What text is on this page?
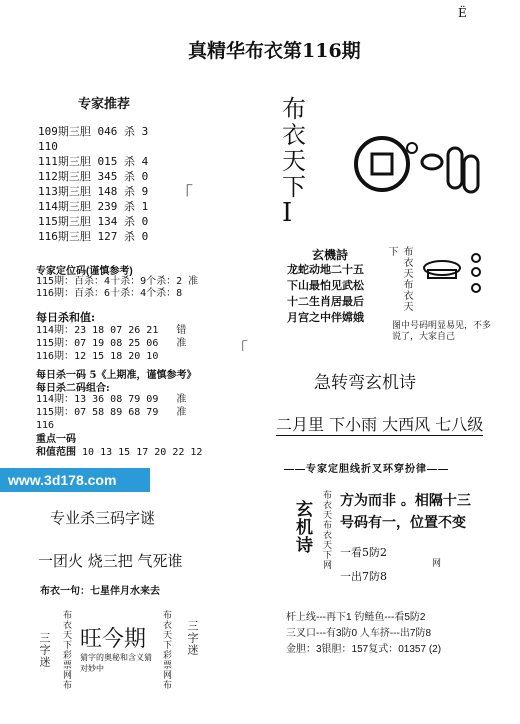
真精华布衣第116期
Ё
专家推荐
109期三胆 046 杀 3
110
111期三胆 015 杀 4
112期三胆 345 杀 0
113期三胆 148 杀 9
114期三胆 239 杀 1
115期三胆 134 杀 0
116期三胆 127 杀 0
「
布
衣
天
下
I
专家定位码(谨慎参考)
115期：百杀：4十杀：9个杀：2 准
116期：百杀：6十杀：4个杀：8
每日杀和值:
114期：23 18 07 26 21 错
115期：07 19 08 25 06 准
116期：12 15 18 20 10
每日杀一码 5《上期准，谨慎参考》
每日杀二码组合:
114期：13 36 08 79 09 准
115期：07 58 89 68 79 准
116
「
重点一码
和值范围 10 13 15 17 20 22 12
玄機詩
龙蛇动地二十五
下山最怕见武松
十二生肖居最后
月宫之中伴嫦娥
布衣天布衣天下
图中号码明显易见，不多说了，大家自己
急转弯玄机诗
二月里 下小雨 大西风 七八级
——专家定胆线折叉环穿扮律——
玄机诗	布衣天布衣天下网 方为而非 。相隔十三
号码有一，位置不变
一看5防2
一出7防8
网
杆上线---再下1 钓鲢鱼---看5防2
三叉口---有3防0 人车挤---出7防8
金胆：3银胆：157复式：01357 (2)
www.3d178.com
专业杀三码字谜
一团火 烧三把 气死谁
布衣一句：七星伴月水来去
三字迷 布衣天下彩票网布 旺今期
猜字的奥秘和含义猜
对妙中	布衣天下彩票网布 三字迷
